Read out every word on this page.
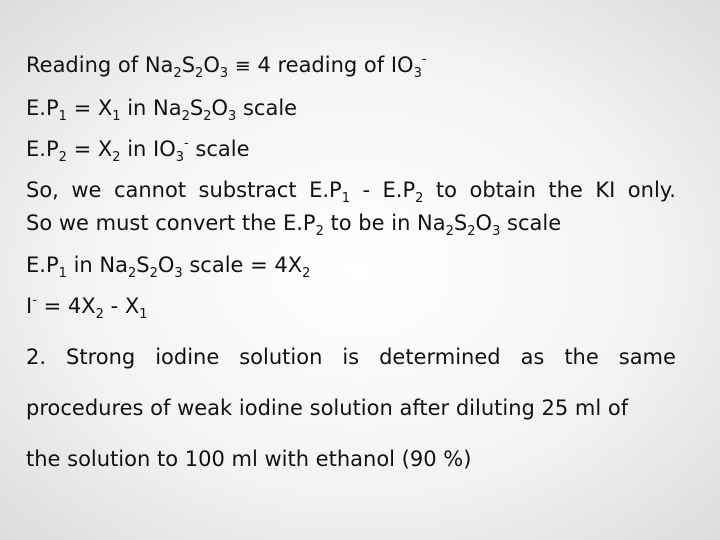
Reading of $Na_2S_2O_3 \equiv 4$ reading of $IO_3^-$
$E.P_1 = X_1$ in $Na_2S_2O_3$ scale
$E.P_2 = X_2$ in $IO_3^-$ scale
So, we cannot substract $E.P_1 - E.P_2$ to obtain the KI only.
So we must convert the $E.P_2$ to be in $Na_2S_2O_3$ scale
$E.P_1$ in $Na_2S_2O_3$ scale = $4X_2$
$I^- = 4X_2 - X_1$
2. Strong iodine solution is determined as the same
procedures of weak iodine solution after diluting 25 ml of
the solution to 100 ml with ethanol (90 %)
